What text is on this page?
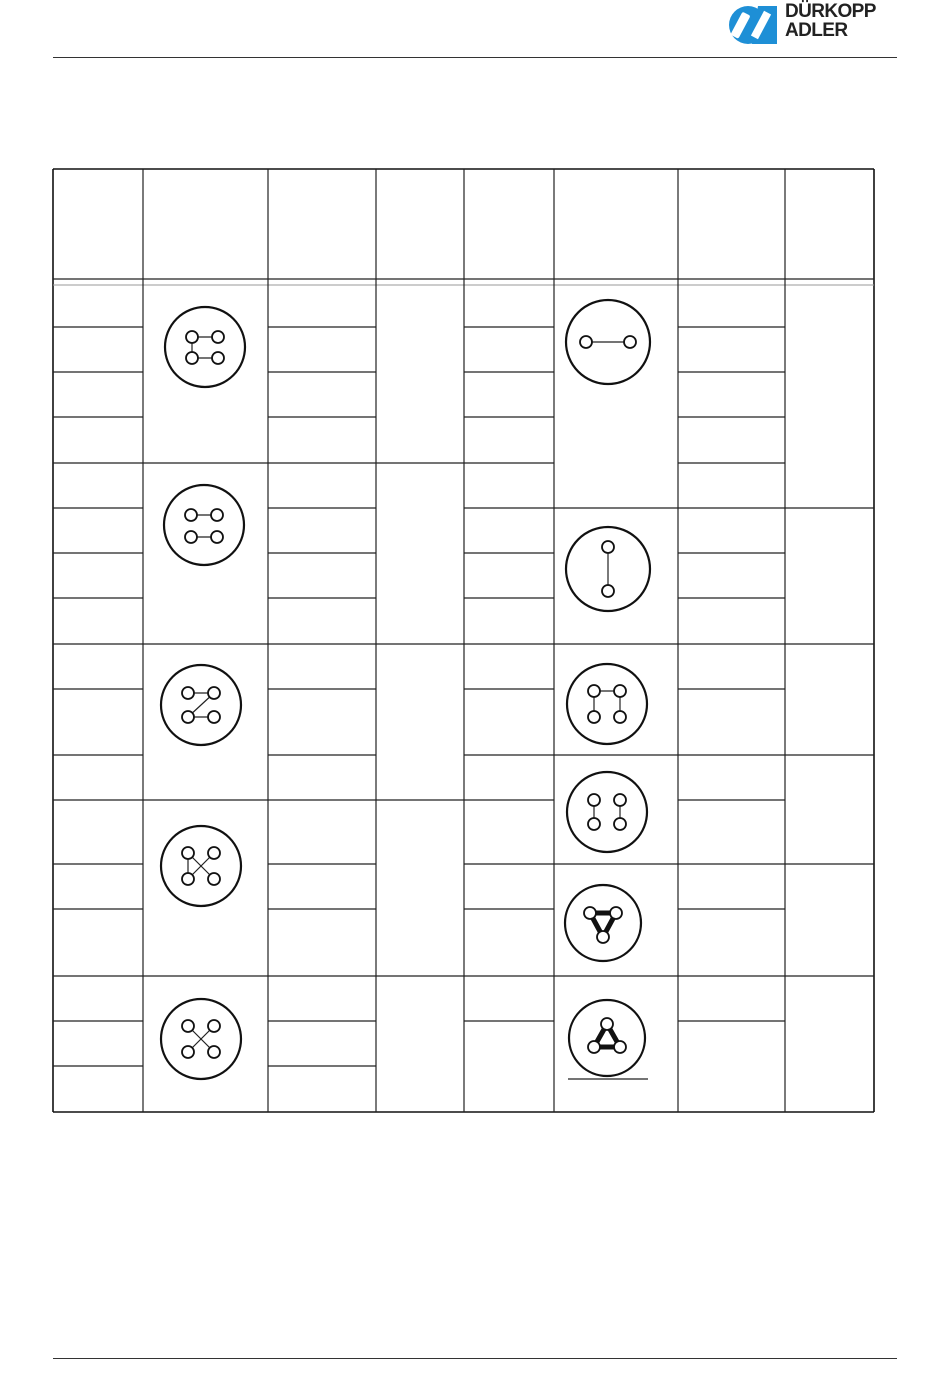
DÜRKOPP
ADLER
